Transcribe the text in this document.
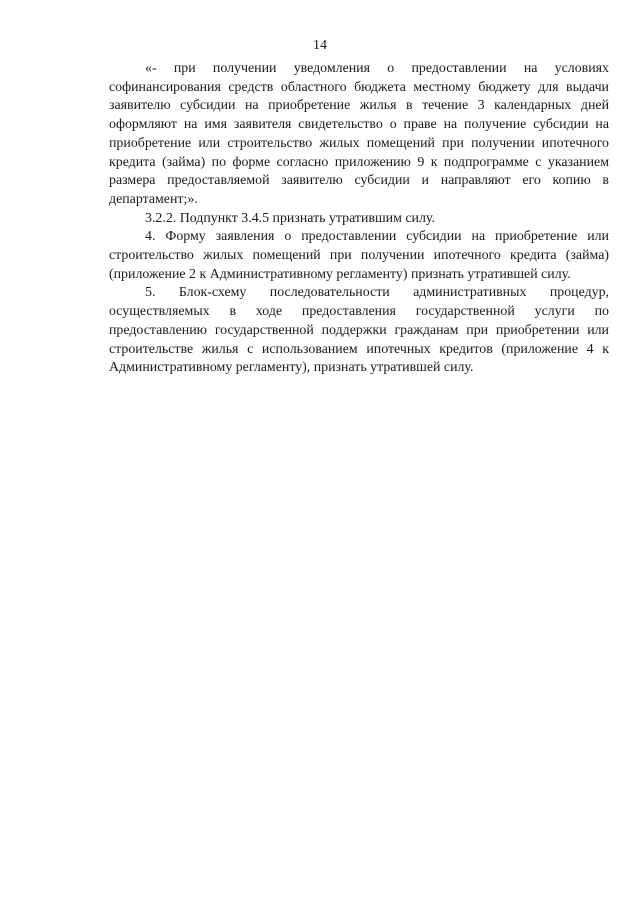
14

«- при получении уведомления о предоставлении на условиях софинансирования средств областного бюджета местному бюджету для выдачи заявителю субсидии на приобретение жилья в течение 3 календарных дней оформляют на имя заявителя свидетельство о праве на получение субсидии на приобретение или строительство жилых помещений при получении ипотечного кредита (займа) по форме согласно приложению 9 к подпрограмме с указанием размера предоставляемой заявителю субсидии и направляют его копию в департамент;».

3.2.2. Подпункт 3.4.5 признать утратившим силу.

4. Форму заявления о предоставлении субсидии на приобретение или строительство жилых помещений при получении ипотечного кредита (займа) (приложение 2 к Административному регламенту) признать утратившей силу.

5. Блок-схему последовательности административных процедур, осуществляемых в ходе предоставления государственной услуги по предоставлению государственной поддержки гражданам при приобретении или строительстве жилья с использованием ипотечных кредитов (приложение 4 к Административному регламенту), признать утратившей силу.
